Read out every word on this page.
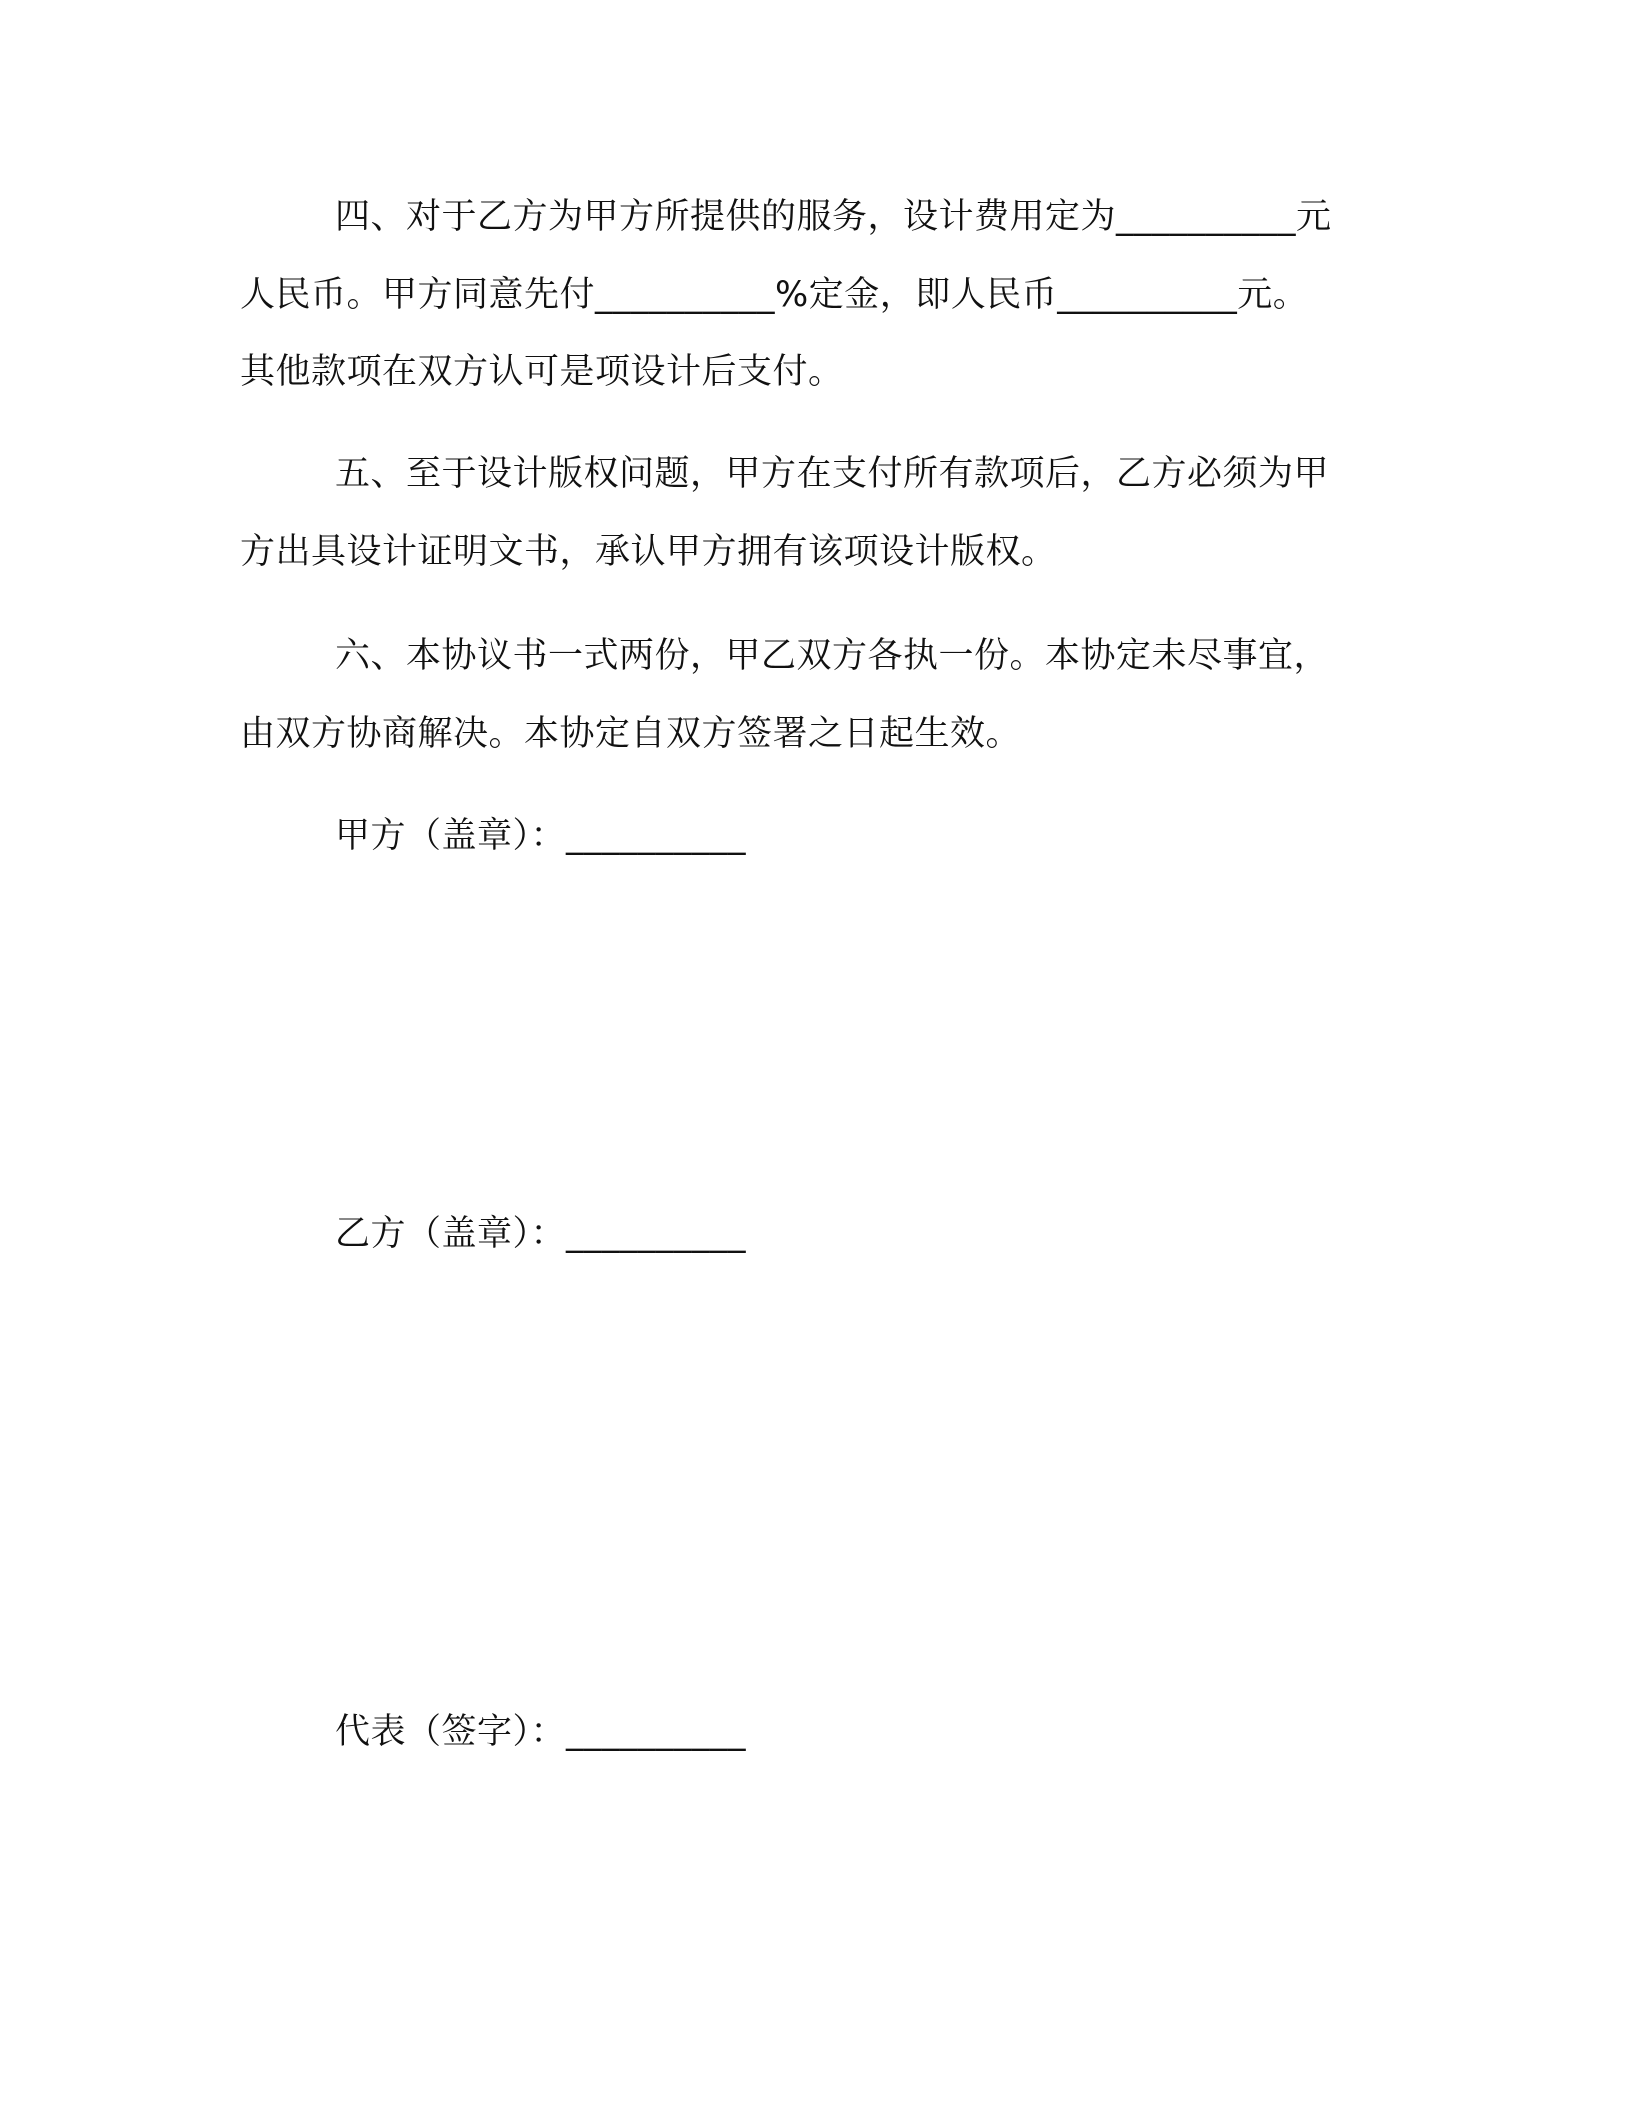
四、对于乙方为甲方所提供的服务，设计费用定为__________元
人民币。甲方同意先付__________%定金，即人民币__________元。
其他款项在双方认可是项设计后支付。
五、至于设计版权问题，甲方在支付所有款项后，乙方必须为甲
方出具设计证明文书，承认甲方拥有该项设计版权。
六、本协议书一式两份，甲乙双方各执一份。本协定未尽事宜，
由双方协商解决。本协定自双方签署之日起生效。
甲方（盖章）：__________
乙方（盖章）：__________
代表（签字）：__________
